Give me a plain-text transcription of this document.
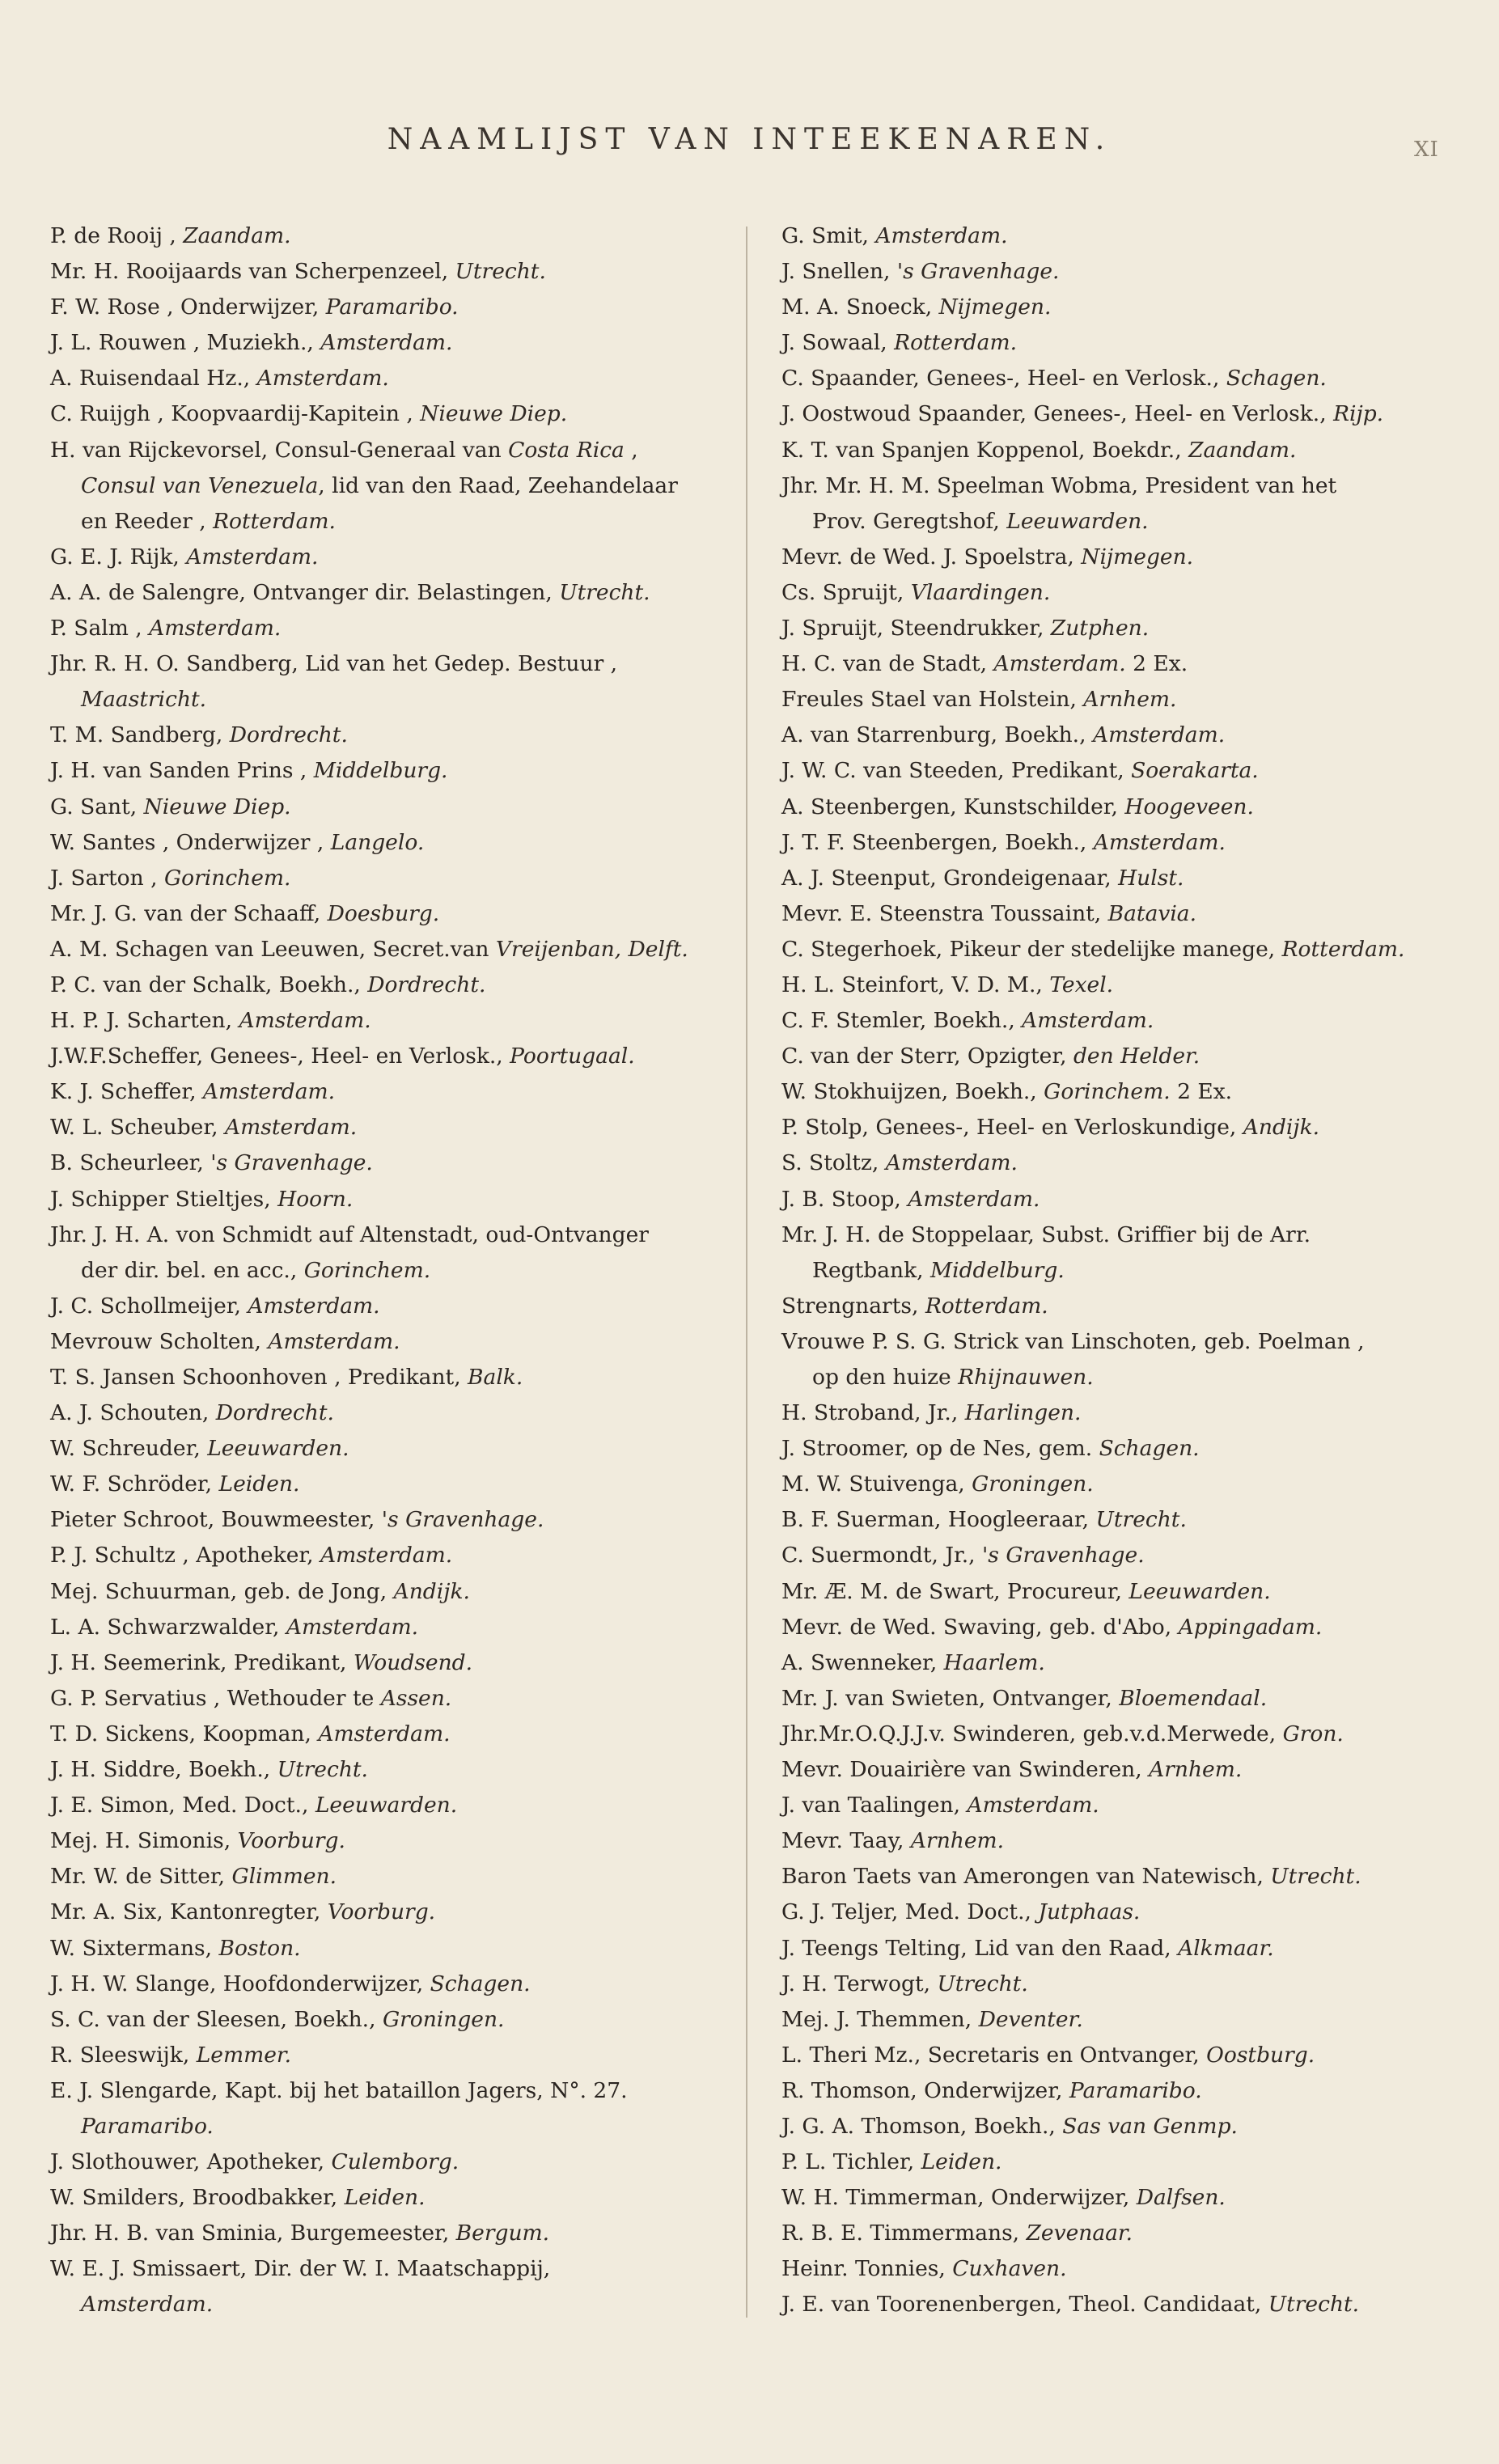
NAAMLIJST VAN INTEEKENAREN.	XI
P. de Rooij , Zaandam.
Mr. H. Rooijaards van Scherpenzeel, Utrecht.
F. W. Rose , Onderwijzer, Paramaribo.
J. L. Rouwen , Muziekh., Amsterdam.
A. Ruisendaal Hz., Amsterdam.
C. Ruijgh , Koopvaardij-Kapitein , Nieuwe Diep.
H. van Rijckevorsel, Consul-Generaal van Costa Rica ,
Consul van Venezuela, lid van den Raad, Zeehandelaar
en Reeder , Rotterdam.
G. E. J. Rijk, Amsterdam.
A. A. de Salengre, Ontvanger dir. Belastingen, Utrecht.
P. Salm , Amsterdam.
Jhr. R. H. O. Sandberg, Lid van het Gedep. Bestuur ,
Maastricht.
T. M. Sandberg, Dordrecht.
J. H. van Sanden Prins , Middelburg.
G. Sant, Nieuwe Diep.
W. Santes , Onderwijzer , Langelo.
J. Sarton , Gorinchem.
Mr. J. G. van der Schaaff, Doesburg.
A. M. Schagen van Leeuwen, Secret.van Vreijenban, Delft.
P. C. van der Schalk, Boekh., Dordrecht.
H. P. J. Scharten, Amsterdam.
J.W.F.Scheffer, Genees-, Heel- en Verlosk., Poortugaal.
K. J. Scheffer, Amsterdam.
W. L. Scheuber, Amsterdam.
B. Scheurleer, 's Gravenhage.
J. Schipper Stieltjes, Hoorn.
Jhr. J. H. A. von Schmidt auf Altenstadt, oud-Ontvanger
der dir. bel. en acc., Gorinchem.
J. C. Schollmeijer, Amsterdam.
Mevrouw Scholten, Amsterdam.
T. S. Jansen Schoonhoven , Predikant, Balk.
A. J. Schouten, Dordrecht.
W. Schreuder, Leeuwarden.
W. F. Schröder, Leiden.
Pieter Schroot, Bouwmeester, 's Gravenhage.
P. J. Schultz , Apotheker, Amsterdam.
Mej. Schuurman, geb. de Jong, Andijk.
L. A. Schwarzwalder, Amsterdam.
J. H. Seemerink, Predikant, Woudsend.
G. P. Servatius , Wethouder te Assen.
T. D. Sickens, Koopman, Amsterdam.
J. H. Siddre, Boekh., Utrecht.
J. E. Simon, Med. Doct., Leeuwarden.
Mej. H. Simonis, Voorburg.
Mr. W. de Sitter, Glimmen.
Mr. A. Six, Kantonregter, Voorburg.
W. Sixtermans, Boston.
J. H. W. Slange, Hoofdonderwijzer, Schagen.
S. C. van der Sleesen, Boekh., Groningen.
R. Sleeswijk, Lemmer.
E. J. Slengarde, Kapt. bij het bataillon Jagers, N°. 27.
Paramaribo.
J. Slothouwer, Apotheker, Culemborg.
W. Smilders, Broodbakker, Leiden.
Jhr. H. B. van Sminia, Burgemeester, Bergum.
W. E. J. Smissaert, Dir. der W. I. Maatschappij,
Amsterdam.
G. Smit, Amsterdam.
J. Snellen, 's Gravenhage.
M. A. Snoeck, Nijmegen.
J. Sowaal, Rotterdam.
C. Spaander, Genees-, Heel- en Verlosk., Schagen.
J. Oostwoud Spaander, Genees-, Heel- en Verlosk., Rijp.
K. T. van Spanjen Koppenol, Boekdr., Zaandam.
Jhr. Mr. H. M. Speelman Wobma, President van het
Prov. Geregtshof, Leeuwarden.
Mevr. de Wed. J. Spoelstra, Nijmegen.
Cs. Spruijt, Vlaardingen.
J. Spruijt, Steendrukker, Zutphen.
H. C. van de Stadt, Amsterdam. 2 Ex.
Freules Stael van Holstein, Arnhem.
A. van Starrenburg, Boekh., Amsterdam.
J. W. C. van Steeden, Predikant, Soerakarta.
A. Steenbergen, Kunstschilder, Hoogeveen.
J. T. F. Steenbergen, Boekh., Amsterdam.
A. J. Steenput, Grondeigenaar, Hulst.
Mevr. E. Steenstra Toussaint, Batavia.
C. Stegerhoek, Pikeur der stedelijke manege, Rotterdam.
H. L. Steinfort, V. D. M., Texel.
C. F. Stemler, Boekh., Amsterdam.
C. van der Sterr, Opzigter, den Helder.
W. Stokhuijzen, Boekh., Gorinchem. 2 Ex.
P. Stolp, Genees-, Heel- en Verloskundige, Andijk.
S. Stoltz, Amsterdam.
J. B. Stoop, Amsterdam.
Mr. J. H. de Stoppelaar, Subst. Griffier bij de Arr.
Regtbank, Middelburg.
Strengnarts, Rotterdam.
Vrouwe P. S. G. Strick van Linschoten, geb. Poelman ,
op den huize Rhijnauwen.
H. Stroband, Jr., Harlingen.
J. Stroomer, op de Nes, gem. Schagen.
M. W. Stuivenga, Groningen.
B. F. Suerman, Hoogleeraar, Utrecht.
C. Suermondt, Jr., 's Gravenhage.
Mr. Æ. M. de Swart, Procureur, Leeuwarden.
Mevr. de Wed. Swaving, geb. d'Abo, Appingadam.
A. Swenneker, Haarlem.
Mr. J. van Swieten, Ontvanger, Bloemendaal.
Jhr.Mr.O.Q.J.J.v. Swinderen, geb.v.d.Merwede, Gron.
Mevr. Douairière van Swinderen, Arnhem.
J. van Taalingen, Amsterdam.
Mevr. Taay, Arnhem.
Baron Taets van Amerongen van Natewisch, Utrecht.
G. J. Teljer, Med. Doct., Jutphaas.
J. Teengs Telting, Lid van den Raad, Alkmaar.
J. H. Terwogt, Utrecht.
Mej. J. Themmen, Deventer.
L. Theri Mz., Secretaris en Ontvanger, Oostburg.
R. Thomson, Onderwijzer, Paramaribo.
J. G. A. Thomson, Boekh., Sas van Genmp.
P. L. Tichler, Leiden.
W. H. Timmerman, Onderwijzer, Dalfsen.
R. B. E. Timmermans, Zevenaar.
Heinr. Tonnies, Cuxhaven.
J. E. van Toorenenbergen, Theol. Candidaat, Utrecht.
